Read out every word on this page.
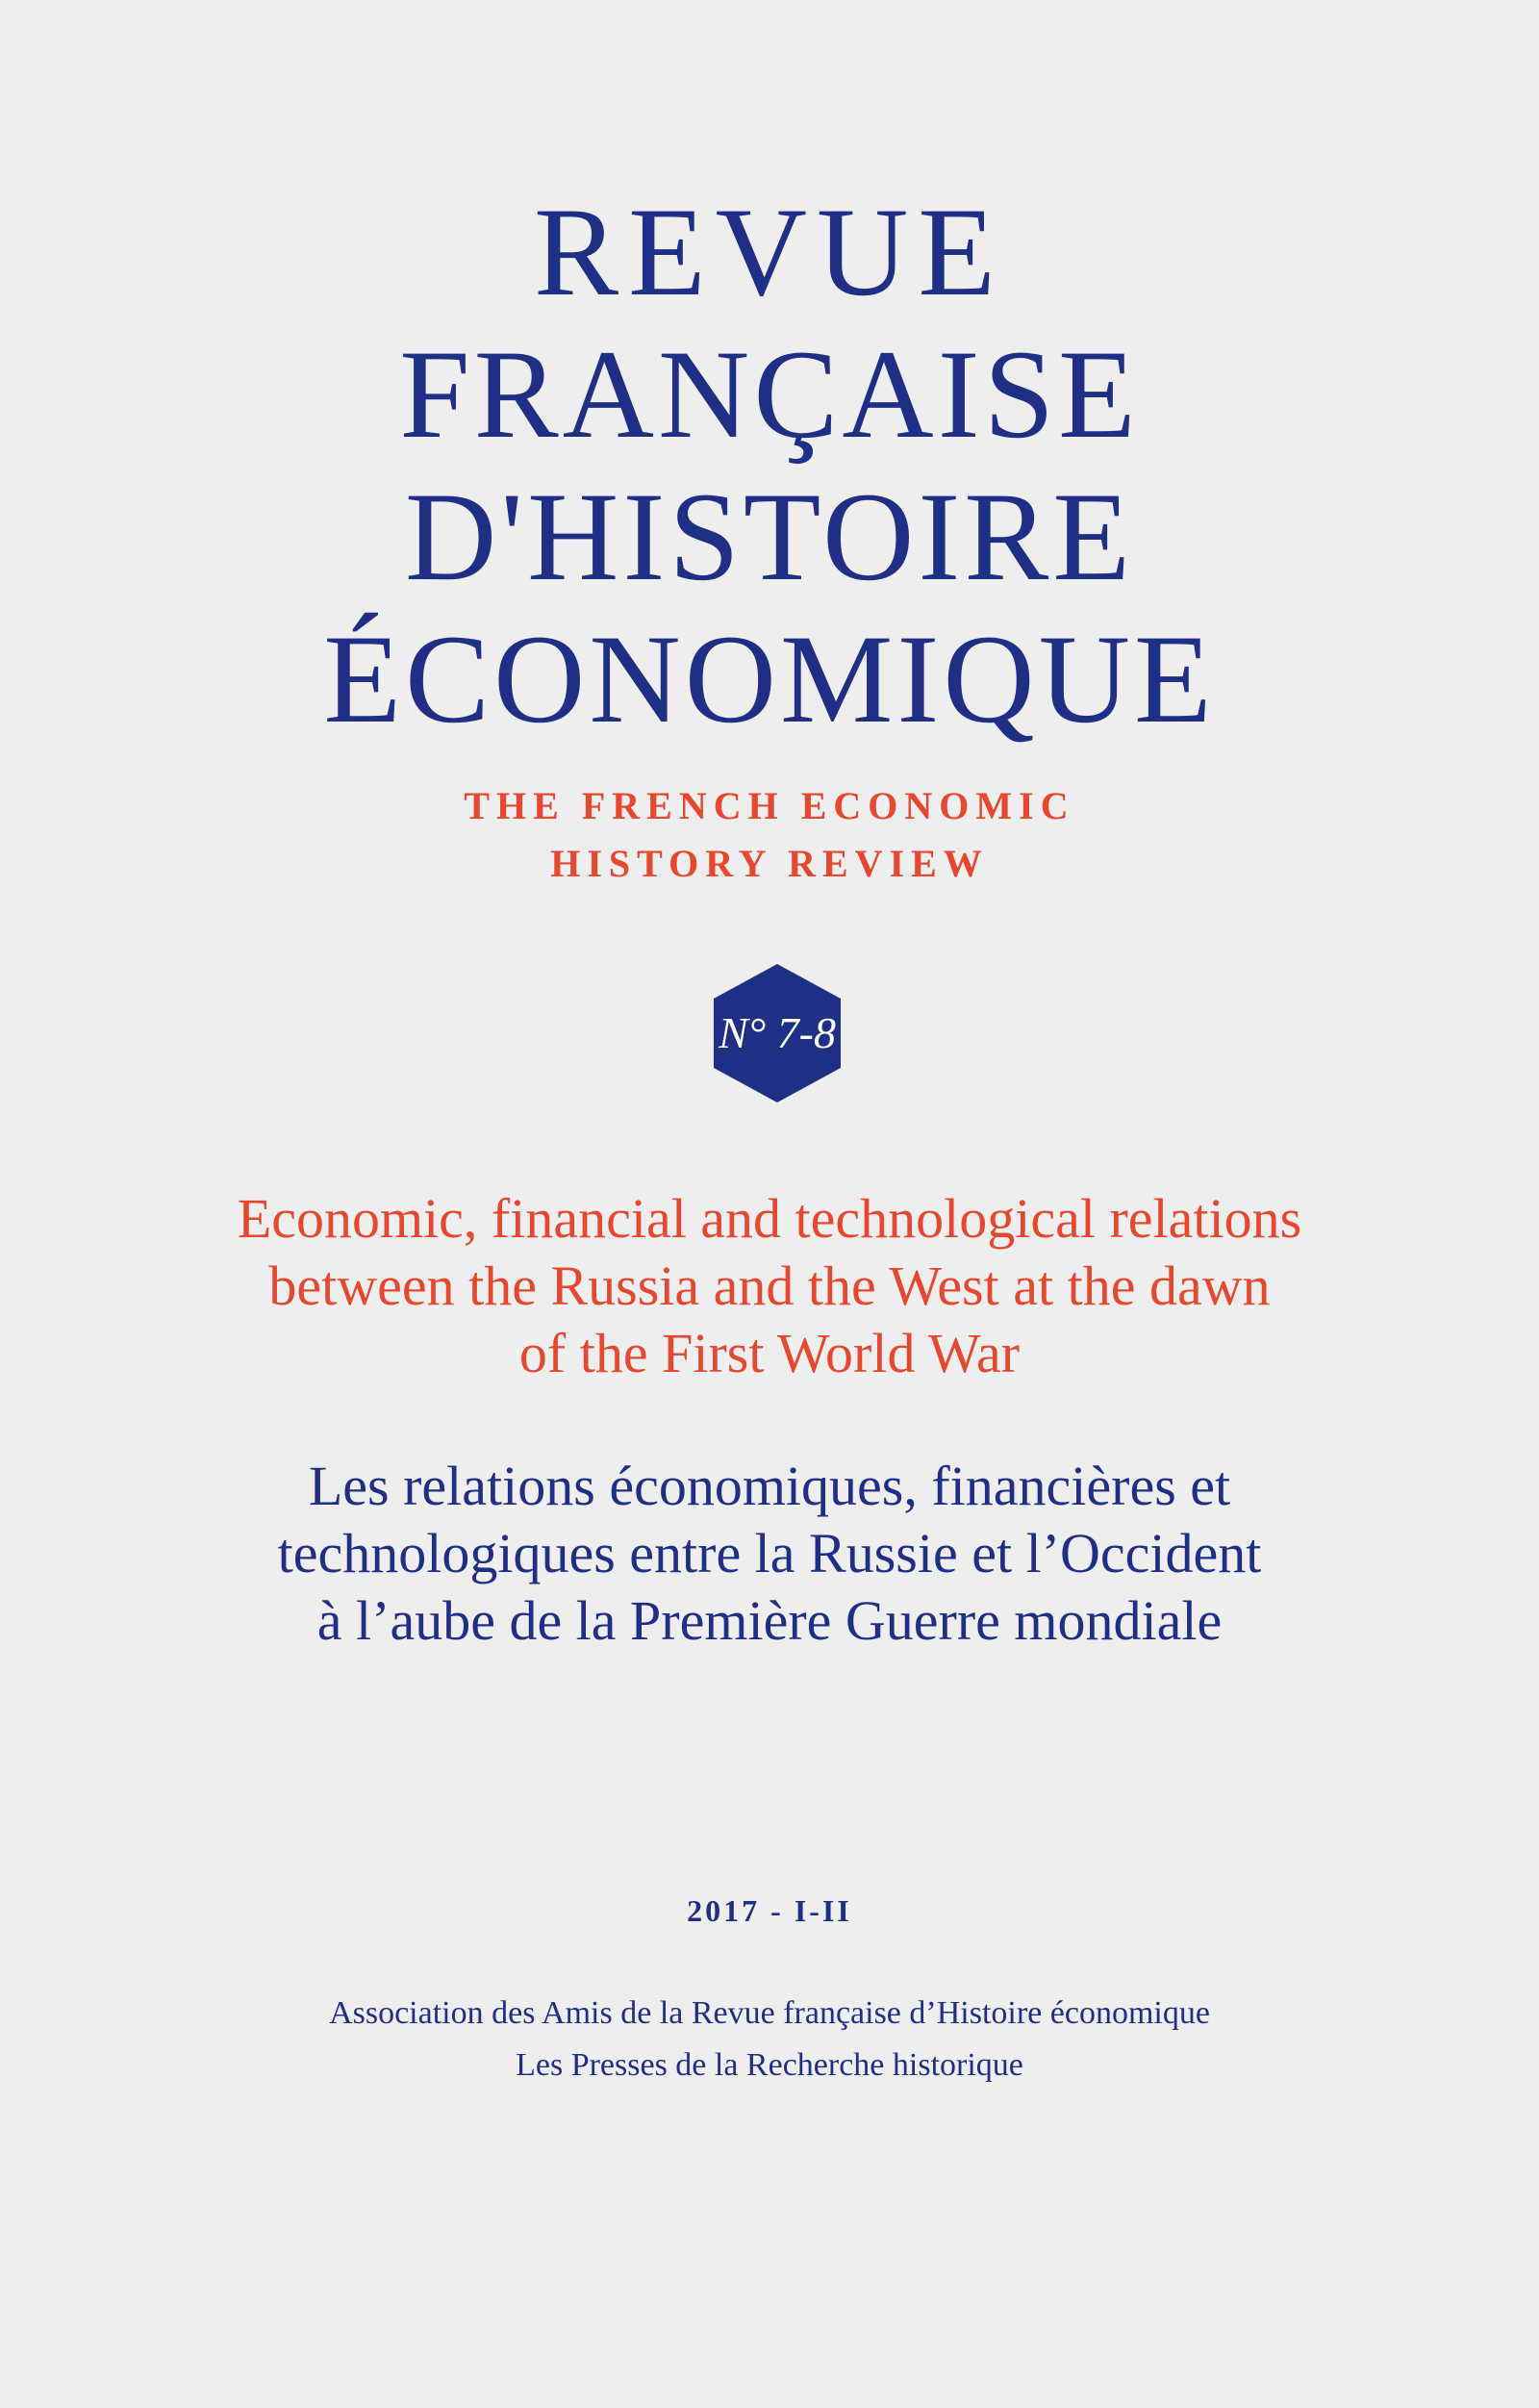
REVUE
FRANÇAISE
D'HISTOIRE
ÉCONOMIQUE
THE FRENCH ECONOMIC
HISTORY REVIEW
N° 7-8
Economic, financial and technological relations
between the Russia and the West at the dawn
of the First World War
Les relations économiques, financières et
technologiques entre la Russie et l’Occident
à l’aube de la Première Guerre mondiale
2017 - I-II
Association des Amis de la Revue française d’Histoire économique
Les Presses de la Recherche historique
